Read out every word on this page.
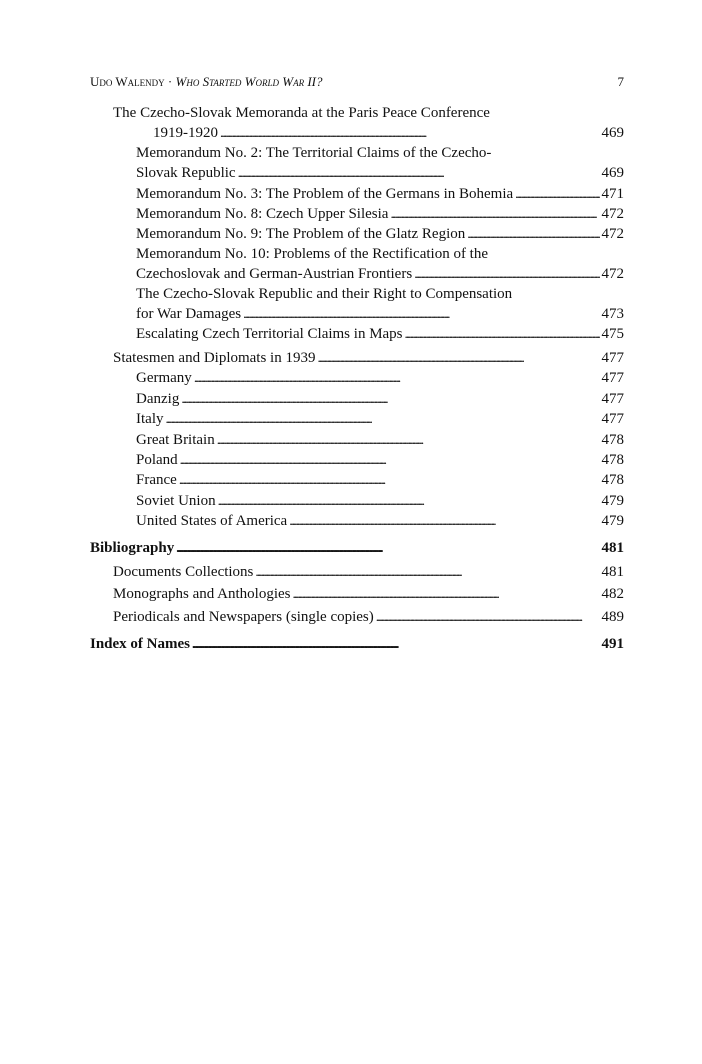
Udo Walendy · Who Started World War II?	7
The Czecho-Slovak Memoranda at the Paris Peace Conference
1919-1920 . . .	469
Memorandum No. 2: The Territorial Claims of the Czecho-
Slovak Republic . . .	469
Memorandum No. 3: The Problem of the Germans in Bohemia . . .	471
Memorandum No. 8: Czech Upper Silesia . . .	472
Memorandum No. 9: The Problem of the Glatz Region . . .	472
Memorandum No. 10: Problems of the Rectification of the
Czechoslovak and German-Austrian Frontiers . . .	472
The Czecho-Slovak Republic and their Right to Compensation
for War Damages . . .	473
Escalating Czech Territorial Claims in Maps . . .	475
Statesmen and Diplomats in 1939 . . .	477
Germany . . .	477
Danzig . . .	477
Italy . . .	477
Great Britain . . .	478
Poland . . .	478
France . . .	478
Soviet Union . . .	479
United States of America . . .	479
Bibliography . . .	481
Documents Collections . . .	481
Monographs and Anthologies . . .	482
Periodicals and Newspapers (single copies) . . .	489
Index of Names . . .	491
